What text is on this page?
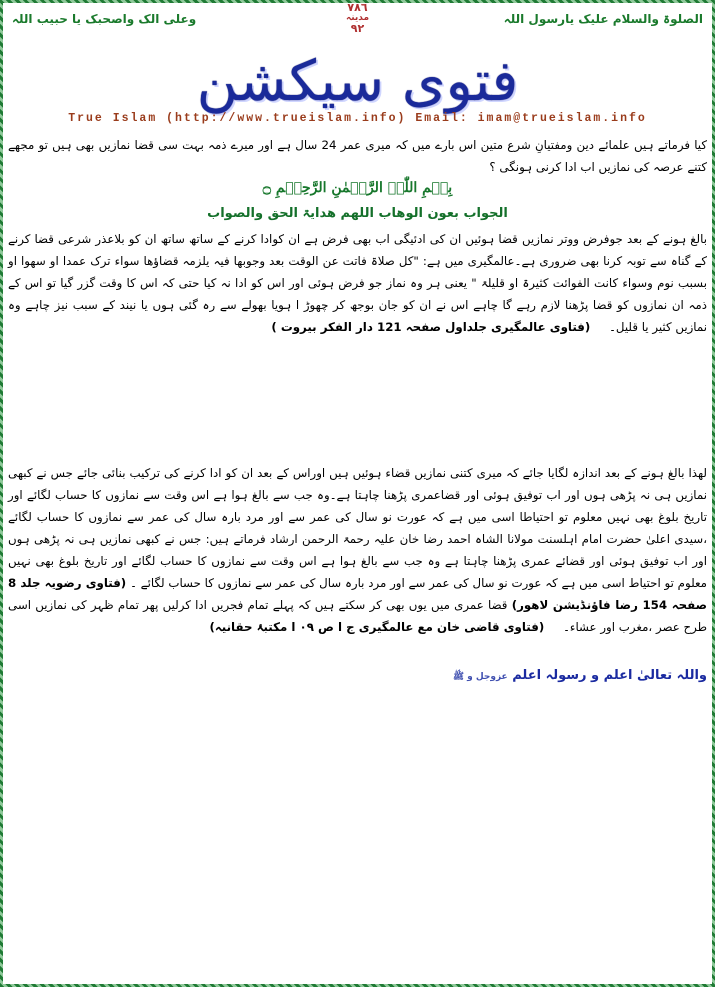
الصلوۃ والسلام علیک یارسول اللہ
٧٨٦
مدینہ
٩٢
وعلی الک واصحبک یا حبیب اللہ
فتوی سیکشن
True Islam (http://www.trueislam.info) Email: imam@trueislam.info
کیا فرماتے ہیں علمائے دین ومفتیانِ شرع متین اس بارے میں کہ میری عمر 24 سال ہے اور میرے ذمہ بہت سی قضا نمازیں بھی ہیں تو مجھے کتنے عرصہ کی نمازیں اب ادا کرنی ہونگی ؟
بِسۡمِ اللّٰہِ الرَّحۡمٰنِ الرَّحِیۡمِ ۝
الجواب بعون الوھاب اللھم ھدایۃ الحق والصواب
بالغ ہونے کے بعد جوفرض ووتر نمازیں قضا ہوئیں ان کی ادئیگی اب بھی فرض ہے ان کوادا کرنے کے ساتھ ساتھ ان کو بلاعذر شرعی قضا کرنے کے گناہ سے توبہ کرنا بھی ضروری ہے۔عالمگیری میں ہے: "کل صلاۃ فاتت عن الوقت بعد وجوبھا فیہ یلزمہ قضاؤھا سواء ترک عمدا او سھوا او بسبب نوم وسواء کانت الفوائت کثیرۃ او قلیلۃ " یعنی ہر وہ نماز جو فرض ہوئی اور اس کو ادا نہ کیا حتی کہ اس کا وقت گزر گیا تو اس کے ذمہ ان نمازوں کو قضا پڑھنا لازم رہے گا چاہے اس نے ان کو جان بوجھ کر چھوڑ ا ہویا بھولے سے رہ گئی ہوں یا نیند کے سبب نیز چاہے وہ نمازیں کثیر یا قلیل۔     (فتاوی عالمگیری جلداول صفحہ 121 دار الفکر بیروت )
لھذا بالغ ہونے کے بعد اندازہ لگایا جائے کہ میری کتنی نمازیں قضاء ہوئیں ہیں اوراس کے بعد ان کو ادا کرنے کی ترکیب بنائی جائے جس نے کبھی نمازیں ہی نہ پڑھی ہوں اور اب توفیق ہوئی اور قضاعمری پڑھنا چاہتا ہے۔وہ جب سے بالغ ہوا ہے اس وقت سے نمازوں کا حساب لگائے اور تاریخ بلوغ بھی نہیں معلوم تو احتیاطا اسی میں ہے کہ عورت نو سال کی عمر سے اور مرد بارہ سال کی عمر سے نمازوں کا حساب لگائے ،سیدی اعلیٰ حضرت امام اہلسنت مولانا الشاہ احمد رضا خان علیہ رحمۃ الرحمن ارشاد فرماتے ہیں: جس نے کبھی نمازیں ہی نہ پڑھی ہوں اور اب توفیق ہوئی اور قضائے عمری پڑھنا چاہتا ہے وہ جب سے بالغ ہوا ہے اس وقت سے نمازوں کا حساب لگائے اور تاریخ بلوغ بھی نہیں معلوم تو احتیاط اسی میں ہے کہ عورت نو سال کی عمر سے اور مرد بارہ سال کی عمر سے نمازوں کا حساب لگائے ۔ (فتاوی رضویہ جلد 8 صفحہ 154 رضا فاؤنڈیشن لاھور) قضا عمری میں یوں بھی کر سکتے ہیں کہ پہلے تمام فجریں ادا کرلیں پھر تمام ظہر کی نمازیں اسی طرح عصر ،مغرب اور عشاء۔     (فتاوی قاضی خان مع عالمگیری ج ا ص ٠٩ ا مکتبۂ حقانیہ)
واللہ تعالیٰ اعلم و رسولہ اعلم عزوجل و ﷺ
